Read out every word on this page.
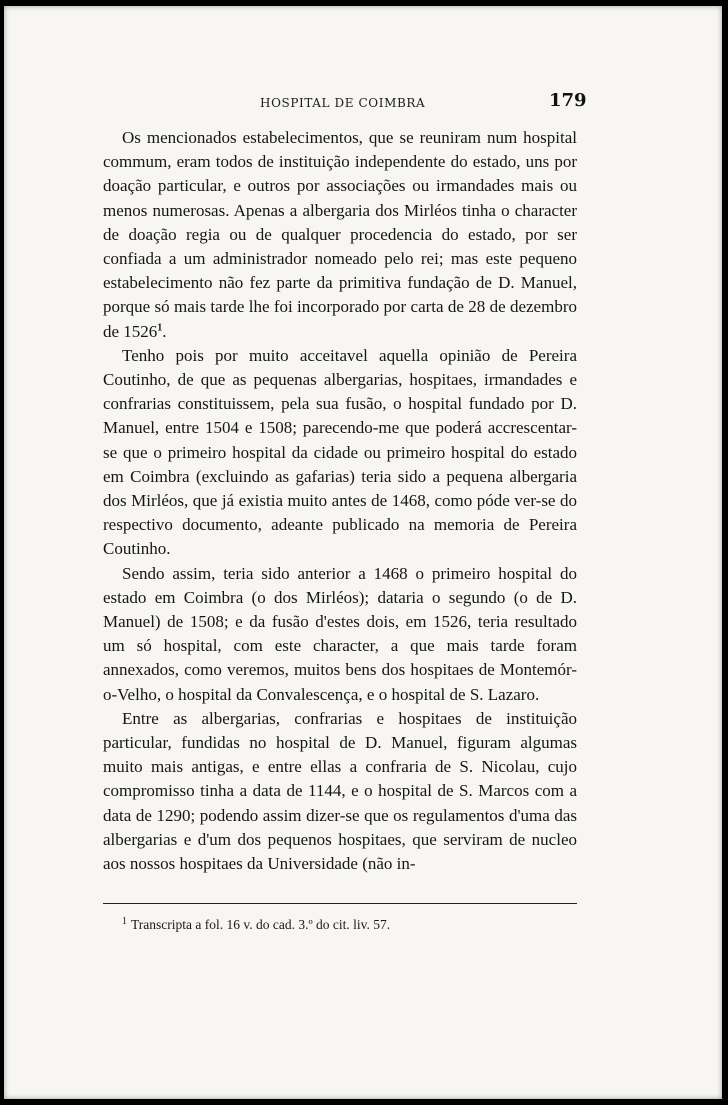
HOSPITAL DE COIMBRA	179

Os mencionados estabelecimentos, que se reuniram num hospital commum, eram todos de instituição independente do estado, uns por doação particular, e outros por associações ou irmandades mais ou menos numerosas. Apenas a albergaria dos Mirléos tinha o character de doação regia ou de qualquer procedencia do estado, por ser confiada a um administrador nomeado pelo rei; mas este pequeno estabelecimento não fez parte da primitiva fundação de D. Manuel, porque só mais tarde lhe foi incorporado por carta de 28 de dezembro de 1526$^1$.

Tenho pois por muito acceitavel aquella opinião de Pereira Coutinho, de que as pequenas albergarias, hospitaes, irmandades e confrarias constituissem, pela sua fusão, o hospital fundado por D. Manuel, entre 1504 e 1508; parecendo-me que poderá accrescentar-se que o primeiro hospital da cidade ou primeiro hospital do estado em Coimbra (excluindo as gafarias) teria sido a pequena albergaria dos Mirléos, que já existia muito antes de 1468, como póde ver-se do respectivo documento, adeante publicado na memoria de Pereira Coutinho.

Sendo assim, teria sido anterior a 1468 o primeiro hospital do estado em Coimbra (o dos Mirléos); dataria o segundo (o de D. Manuel) de 1508; e da fusão d'estes dois, em 1526, teria resultado um só hospital, com este character, a que mais tarde foram annexados, como veremos, muitos bens dos hospitaes de Montemór-o-Velho, o hospital da Convalescença, e o hospital de S. Lazaro.

Entre as albergarias, confrarias e hospitaes de instituição particular, fundidas no hospital de D. Manuel, figuram algumas muito mais antigas, e entre ellas a confraria de S. Nicolau, cujo compromisso tinha a data de 1144, e o hospital de S. Marcos com a data de 1290; podendo assim dizer-se que os regulamentos d'uma das albergarias e d'um dos pequenos hospitaes, que serviram de nucleo aos nossos hospitaes da Universidade (não in-

$^1$ Transcripta a fol. 16 v. do cad. 3.º do cit. liv. 57.
